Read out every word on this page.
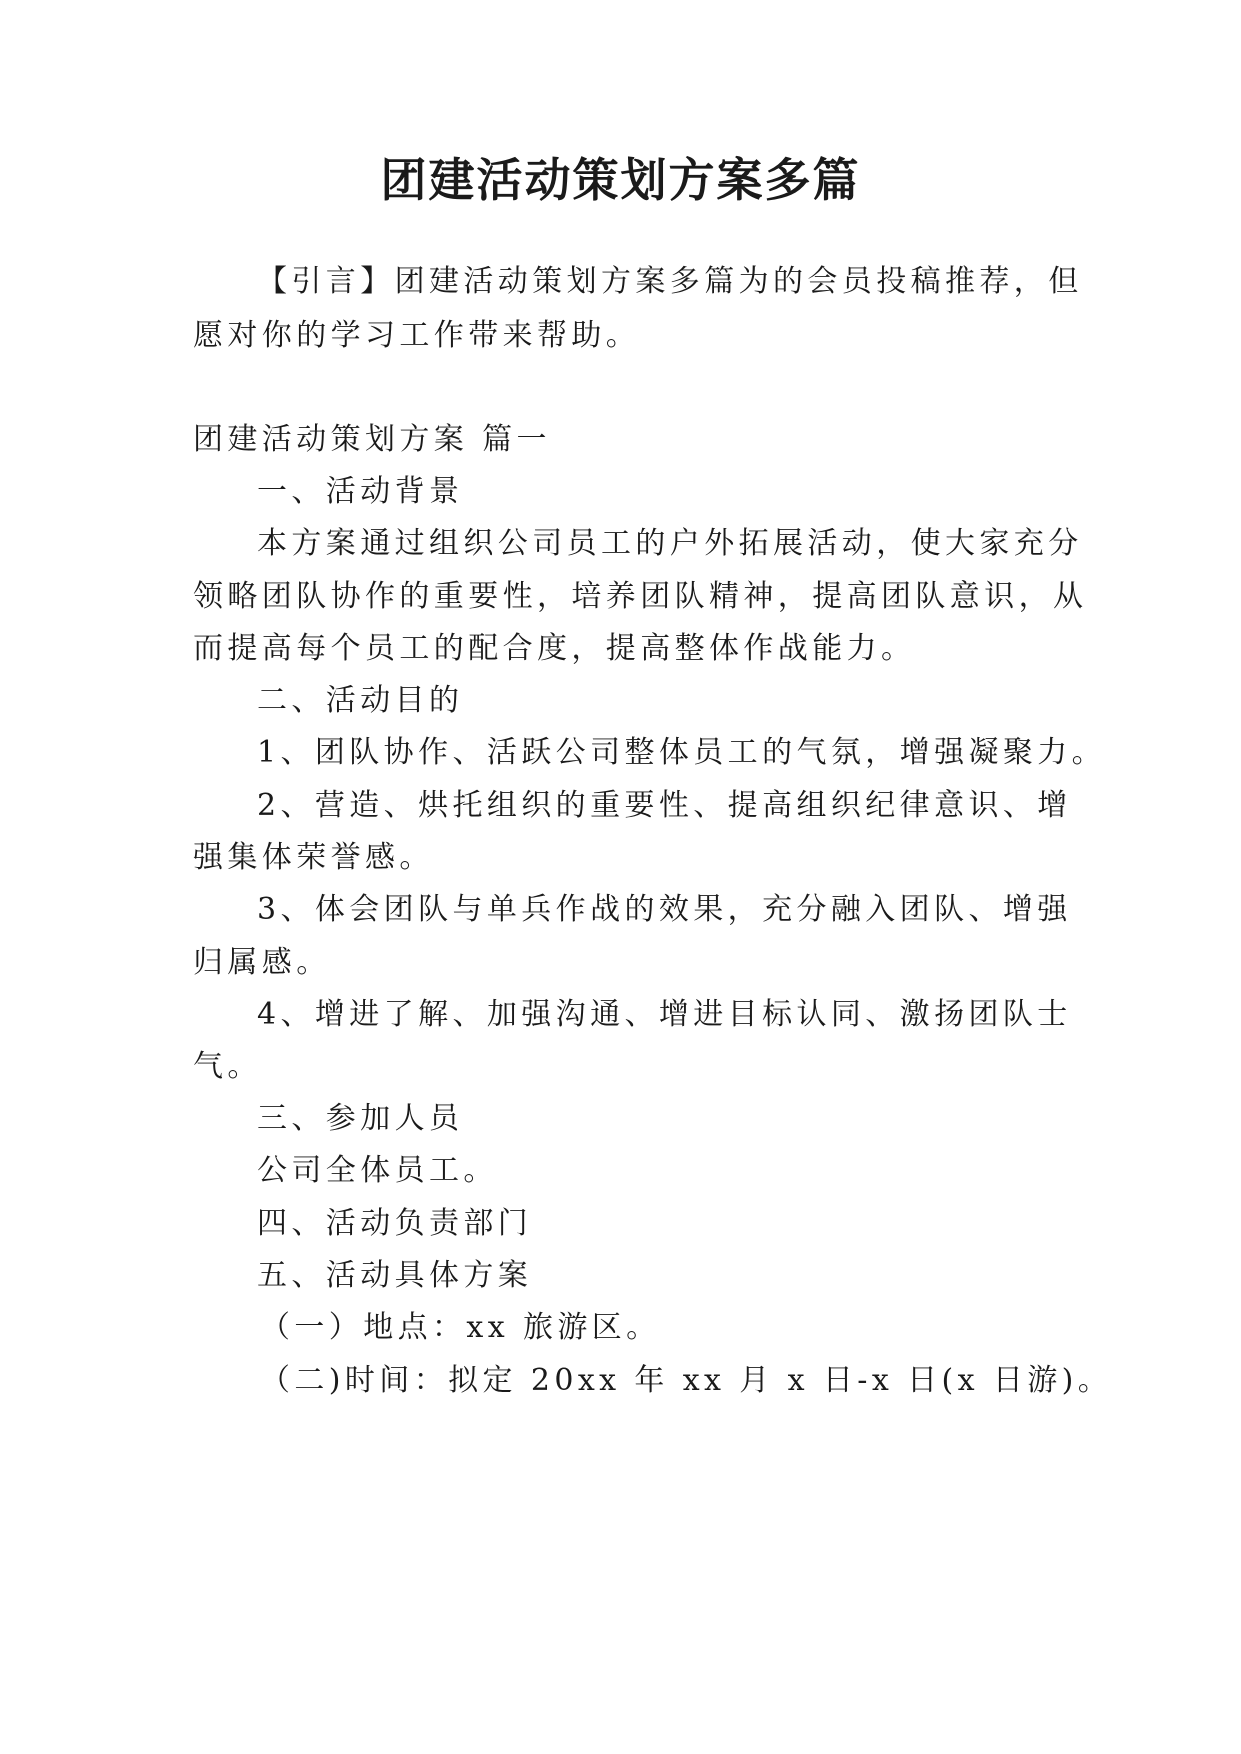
团建活动策划方案多篇
【引言】团建活动策划方案多篇为的会员投稿推荐，但
愿对你的学习工作带来帮助。
团建活动策划方案 篇一
一、活动背景
本方案通过组织公司员工的户外拓展活动，使大家充分
领略团队协作的重要性，培养团队精神，提高团队意识，从
而提高每个员工的配合度，提高整体作战能力。
二、活动目的
1、团队协作、活跃公司整体员工的气氛，增强凝聚力。
2、营造、烘托组织的重要性、提高组织纪律意识、增
强集体荣誉感。
3、体会团队与单兵作战的效果，充分融入团队、增强
归属感。
4、增进了解、加强沟通、增进目标认同、激扬团队士
气。
三、参加人员
公司全体员工。
四、活动负责部门
五、活动具体方案
（一）地点：xx 旅游区。
（二)时间：拟定 20xx 年 xx 月 x 日-x 日(x 日游)。
